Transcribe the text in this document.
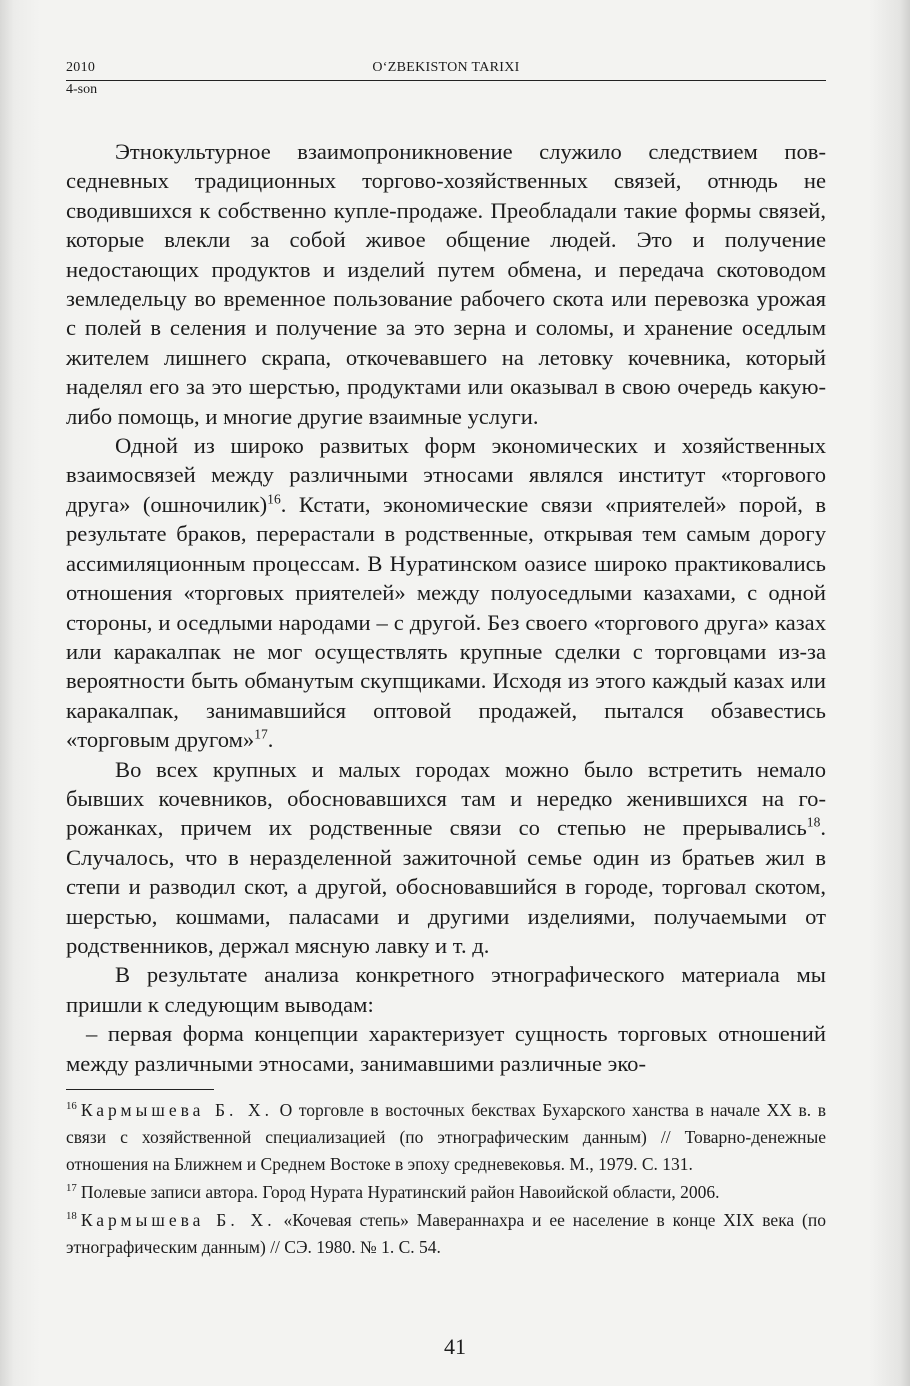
2010	O‘ZBEKISTON TARIXI
4-son

Этнокультурное взаимопроникновение служило следствием повседневных традиционных торгово-хозяйственных связей, отнюдь не сводившихся к собственно купле-продаже. Преобладали такие формы связей, которые влекли за собой живое общение людей. Это и получение недостающих продуктов и изделий путем обмена, и передача скотоводом земледельцу во временное пользование рабочего скота или перевозка урожая с полей в селения и получение за это зерна и соломы, и хранение оседлым жителем лишнего скрапа, откочевавшего на летовку кочевника, который наделял его за это шерстью, продуктами или оказывал в свою очередь какую-либо помощь, и многие другие взаимные услуги.

Одной из широко развитых форм экономических и хозяйственных взаимосвязей между различными этносами являлся институт «торгового друга» (ошночилик)$^{16}$. Кстати, экономические связи «приятелей» порой, в результате браков, перерастали в родственные, открывая тем самым дорогу ассимиляционным процессам. В Нуратинском оазисе широко практиковались отношения «торговых приятелей» между полуоседлыми казахами, с одной стороны, и оседлыми народами – с другой. Без своего «торгового друга» казах или каракалпак не мог осуществлять крупные сделки с торговцами из-за вероятности быть обманутым скупщиками. Исходя из этого каждый казах или каракалпак, занимавшийся оптовой продажей, пытался обзавестись «торговым другом»$^{17}$.

Во всех крупных и малых городах можно было встретить немало бывших кочевников, обосновавшихся там и нередко женившихся на горожанках, причем их родственные связи со степью не прерывались$^{18}$. Случалось, что в неразделенной зажиточной семье один из братьев жил в степи и разводил скот, а другой, обосновавшийся в городе, торговал скотом, шерстью, кошмами, паласами и другими изделиями, получаемыми от родственников, держал мясную лавку и т. д.

В результате анализа конкретного этнографического материала мы пришли к следующим выводам:

– первая форма концепции характеризует сущность торговых отношений между различными этносами, занимавшими различные эко-

$^{16}$ Кармышева Б. Х. О торговле в восточных бекствах Бухарского ханства в начале XX в. в связи с хозяйственной специализацией (по этнографическим данным) // Товарно-денежные отношения на Ближнем и Среднем Востоке в эпоху средневековья. М., 1979. С. 131.

$^{17}$ Полевые записи автора. Город Нурата Нуратинский район Навоийской области, 2006.

$^{18}$ Кармышева Б. Х. «Кочевая степь» Мавераннахра и ее население в конце XIX века (по этнографическим данным) // СЭ. 1980. № 1. С. 54.

41
